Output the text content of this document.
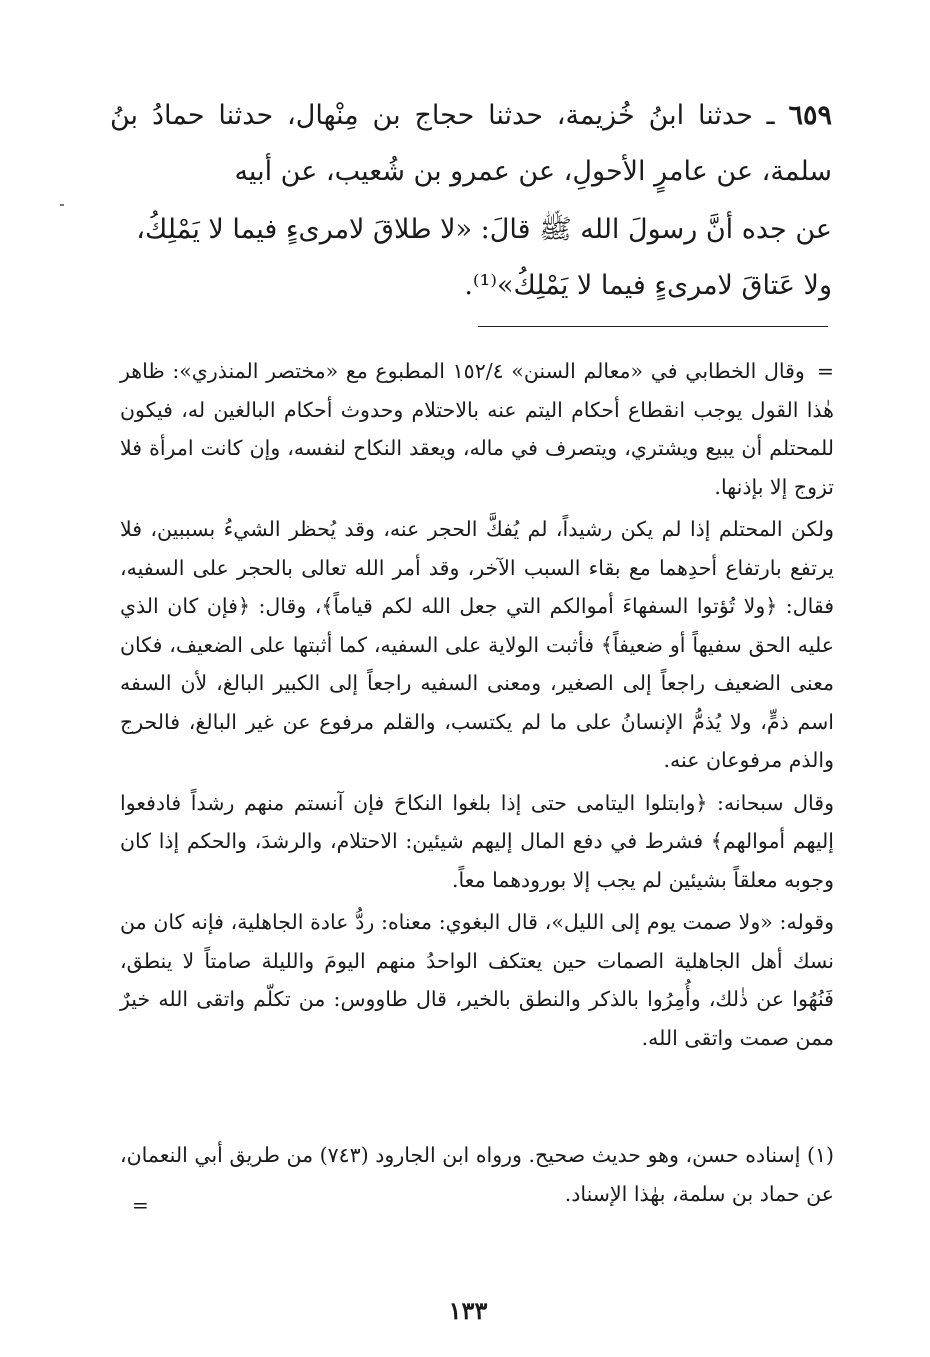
٦٥٩ ـ حدثنا ابنُ خُزيمة، حدثنا حجاج بن مِنْهال، حدثنا حمادُ بنُ سلمة، عن عامرٍ الأحولِ، عن عمرو بن شُعيب، عن أبيه

عن جده أنَّ رسولَ الله ﷺ قالَ: «لا طلاقَ لامرىءٍ فيما لا يَمْلِكُ، ولا عَتاقَ لامرىءٍ فيما لا يَمْلِكُ»⁽¹⁾.

=وقال الخطابي في «معالم السنن» ١٥٢/٤ المطبوع مع «مختصر المنذري»: ظاهر هٰذا القول يوجب انقطاع أحكام اليتم عنه بالاحتلام وحدوث أحكام البالغين له، فيكون للمحتلم أن يبيع ويشتري، ويتصرف في ماله، ويعقد النكاح لنفسه، وإن كانت امرأة فلا تزوج إلا بإذنها.

ولكن المحتلم إذا لم يكن رشيداً، لم يُفكَّ الحجر عنه، وقد يُحظر الشيءُ بسببين، فلا يرتفع بارتفاع أحدِهما مع بقاء السبب الآخر، وقد أمر الله تعالى بالحجر على السفيه، فقال: ﴿ولا تُؤتوا السفهاءَ أموالكم التي جعل الله لكم قياماً﴾، وقال: ﴿فإن كان الذي عليه الحق سفيهاً أو ضعيفاً﴾ فأثبت الولاية على السفيه، كما أثبتها على الضعيف، فكان معنى الضعيف راجعاً إلى الصغير، ومعنى السفيه راجعاً إلى الكبير البالغ، لأن السفه اسم ذمٍّ، ولا يُذمُّ الإنسانُ على ما لم يكتسب، والقلم مرفوع عن غير البالغ، فالحرج والذم مرفوعان عنه.

وقال سبحانه: ﴿وابتلوا اليتامى حتى إذا بلغوا النكاحَ فإن آنستم منهم رشداً فادفعوا إليهم أموالهم﴾ فشرط في دفع المال إليهم شيئين: الاحتلام، والرشدَ، والحكم إذا كان وجوبه معلقاً بشيئين لم يجب إلا بورودهما معاً.

وقوله: «ولا صمت يوم إلى الليل»، قال البغوي: معناه: ردُّ عادة الجاهلية، فإنه كان من نسك أهل الجاهلية الصمات حين يعتكف الواحدُ منهم اليومَ والليلة صامتاً لا ينطق، فَنُهُوا عن ذٰلك، وأُمِرُوا بالذكر والنطق بالخير، قال طاووس: من تكلّم واتقى الله خيرٌ ممن صمت واتقى الله.

(١) إسناده حسن، وهو حديث صحيح. ورواه ابن الجارود (٧٤٣) من طريق أبي النعمان، عن حماد بن سلمة، بهٰذا الإسناد.

=
١٣٣
